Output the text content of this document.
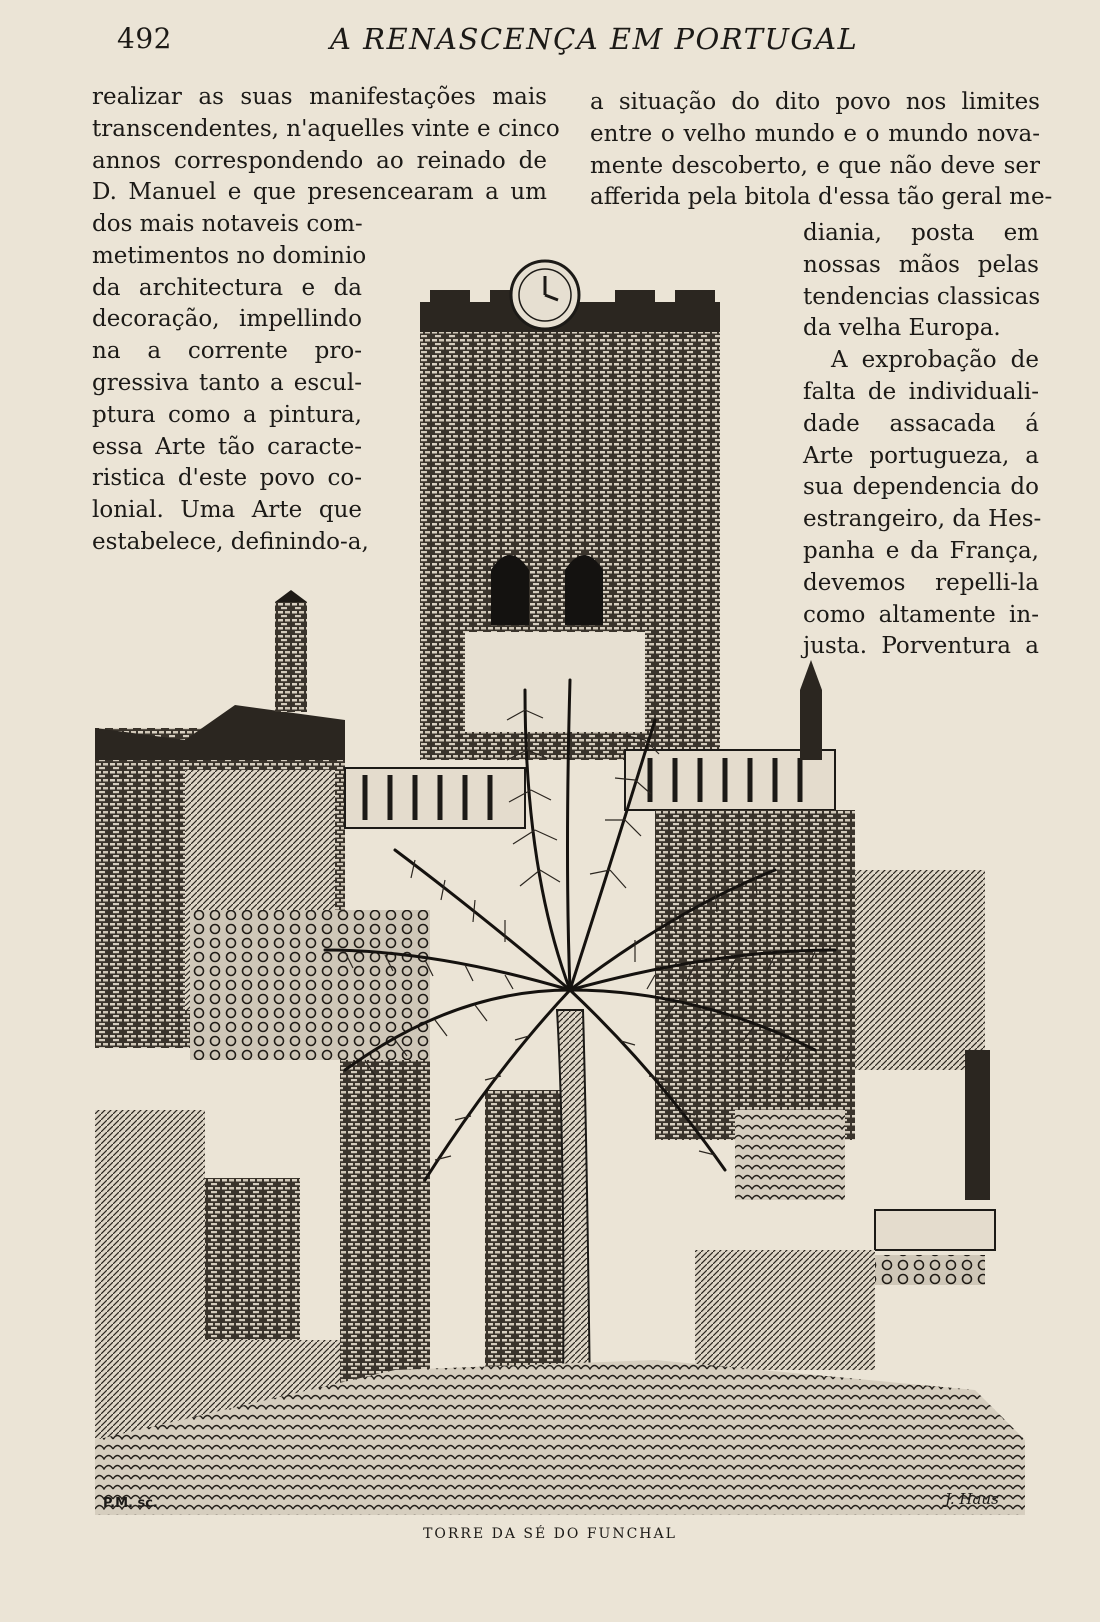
492	A RENASCENÇA EM PORTUGAL
realizar as suas manifestações mais
transcendentes, n'aquelles vinte e cinco
annos correspondendo ao reinado de
D. Manuel e que presencearam a um
dos mais notaveis com-
metimentos no dominio
da architectura e da
decoração, impellindo
na a corrente pro-
gressiva tanto a escul-
ptura como a pintura,
essa Arte tão caracte-
ristica d'este povo co-
lonial. Uma Arte que
estabelece, definindo-a,
a situação do dito povo nos limites
entre o velho mundo e o mundo nova-
mente descoberto, e que não deve ser
afferida pela bitola d'essa tão geral me-
diania, posta em
nossas mãos pelas
tendencias classicas
da velha Europa.
A exprobação de
falta de individuali-
dade assacada á
Arte portugueza, a
sua dependencia do
estrangeiro, da Hes-
panha e da França,
devemos repelli-la
como altamente in-
justa. Porventura a
P.M. sc.	J. Haus
TORRE DA SÉ DO FUNCHAL
